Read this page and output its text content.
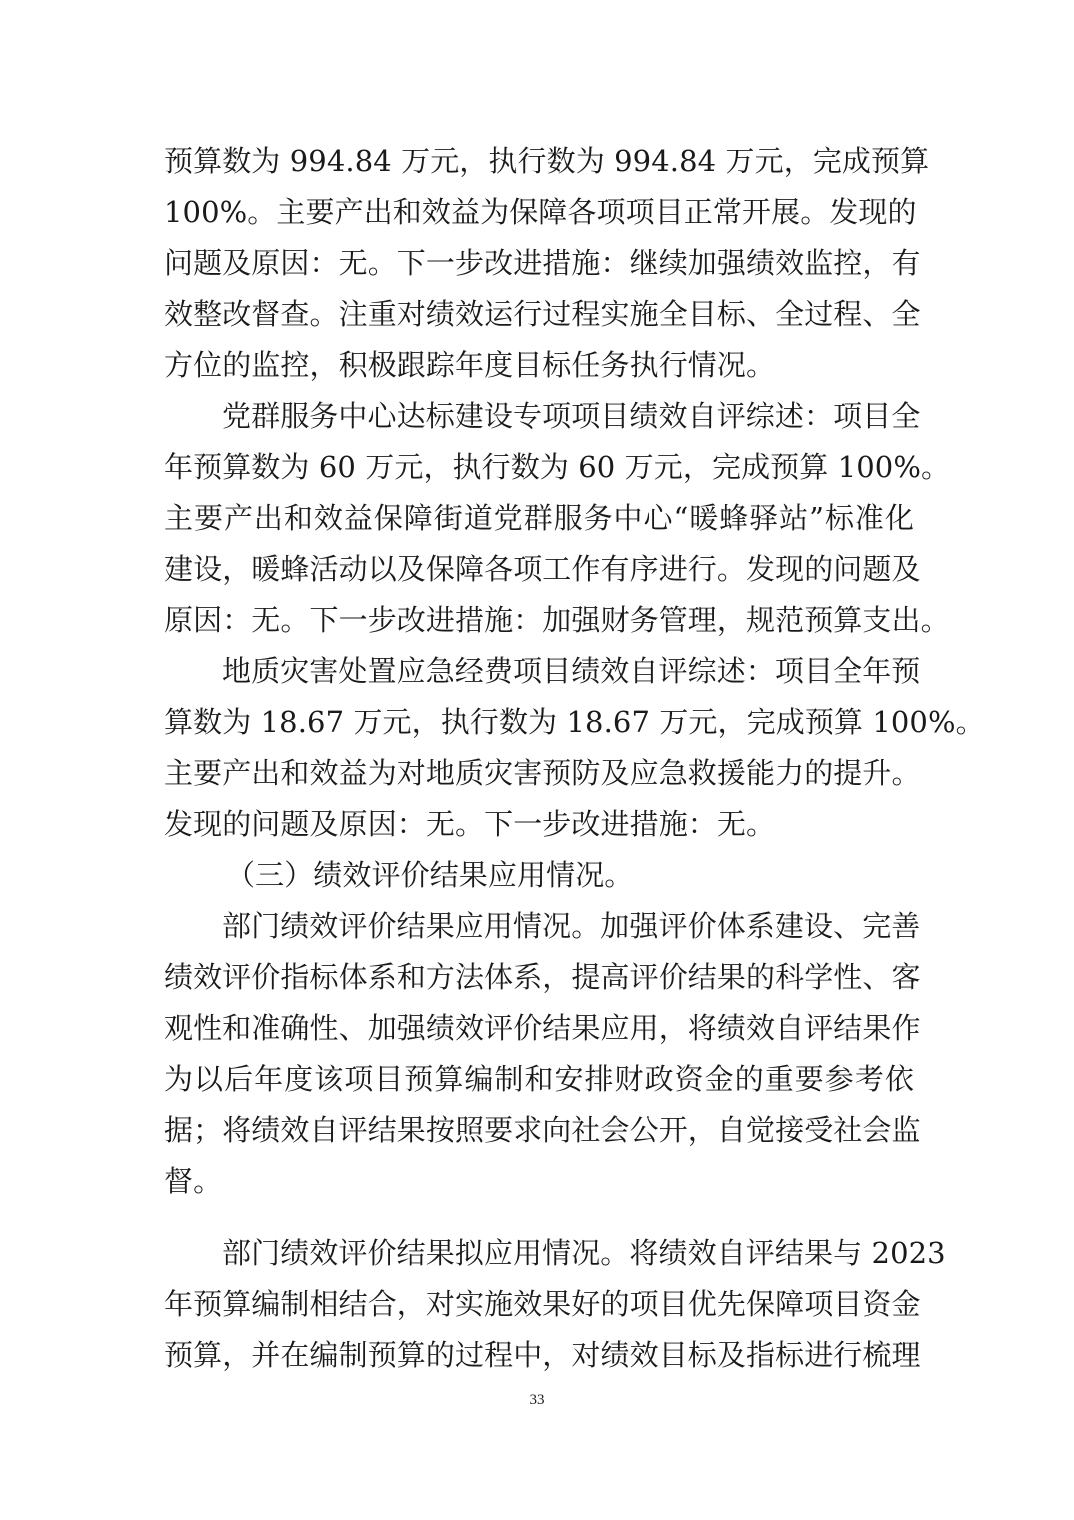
预算数为 994.84 万元，执行数为 994.84 万元，完成预算
100%。主要产出和效益为保障各项项目正常开展。发现的
问题及原因：无。下一步改进措施：继续加强绩效监控，有
效整改督查。注重对绩效运行过程实施全目标、全过程、全
方位的监控，积极跟踪年度目标任务执行情况。
党群服务中心达标建设专项项目绩效自评综述：项目全
年预算数为 60 万元，执行数为 60 万元，完成预算 100%。
主要产出和效益保障街道党群服务中心“暖蜂驿站”标准化
建设，暖蜂活动以及保障各项工作有序进行。发现的问题及
原因：无。下一步改进措施：加强财务管理，规范预算支出。
地质灾害处置应急经费项目绩效自评综述：项目全年预
算数为 18.67 万元，执行数为 18.67 万元，完成预算 100%。
主要产出和效益为对地质灾害预防及应急救援能力的提升。
发现的问题及原因：无。下一步改进措施：无。
（三）绩效评价结果应用情况。
部门绩效评价结果应用情况。加强评价体系建设、完善
绩效评价指标体系和方法体系，提高评价结果的科学性、客
观性和准确性、加强绩效评价结果应用，将绩效自评结果作
为以后年度该项目预算编制和安排财政资金的重要参考依
据；将绩效自评结果按照要求向社会公开，自觉接受社会监
督。
部门绩效评价结果拟应用情况。将绩效自评结果与 2023
年预算编制相结合，对实施效果好的项目优先保障项目资金
预算，并在编制预算的过程中，对绩效目标及指标进行梳理
33
